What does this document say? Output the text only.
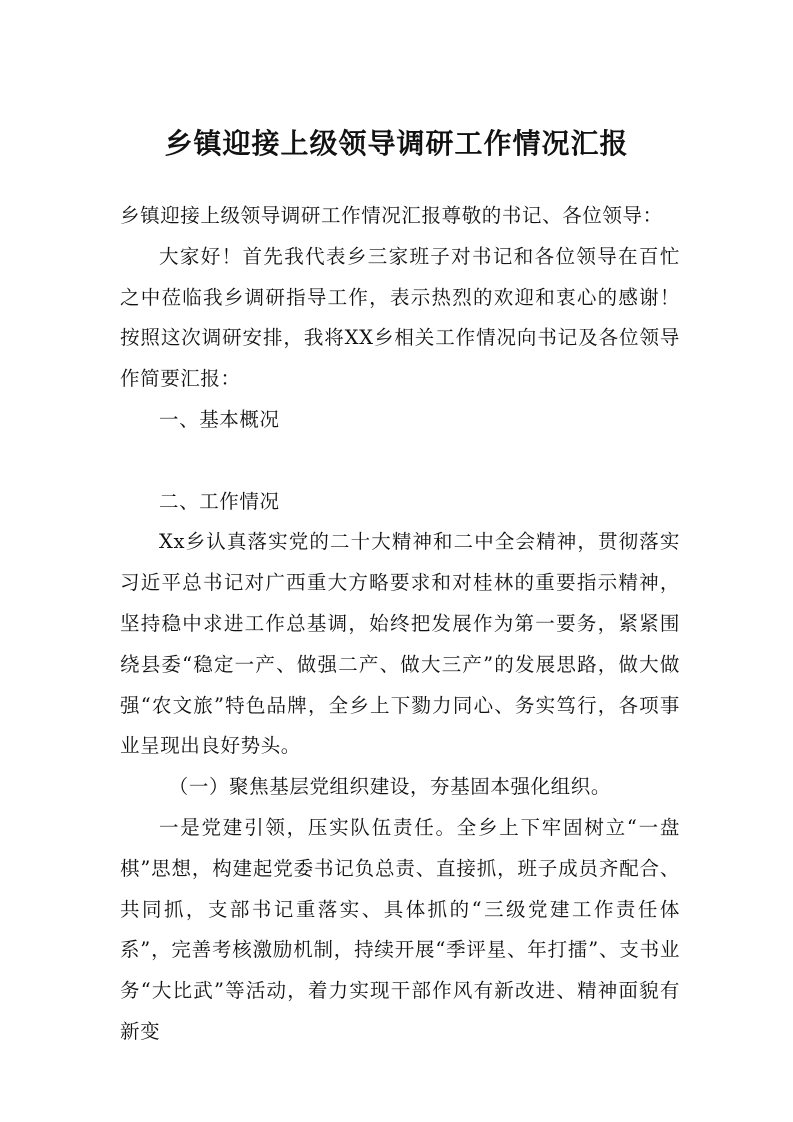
乡镇迎接上级领导调研工作情况汇报

乡镇迎接上级领导调研工作情况汇报尊敬的书记、各位领导：

大家好！首先我代表乡三家班子对书记和各位领导在百忙之中莅临我乡调研指导工作，表示热烈的欢迎和衷心的感谢！按照这次调研安排，我将XX乡相关工作情况向书记及各位领导作简要汇报：

一、基本概况

二、工作情况

Xx乡认真落实党的二十大精神和二中全会精神，贯彻落实习近平总书记对广西重大方略要求和对桂林的重要指示精神，坚持稳中求进工作总基调，始终把发展作为第一要务，紧紧围绕县委“稳定一产、做强二产、做大三产”的发展思路，做大做强“农文旅”特色品牌，全乡上下勠力同心、务实笃行，各项事业呈现出良好势头。

（一）聚焦基层党组织建设，夯基固本强化组织。

一是党建引领，压实队伍责任。全乡上下牢固树立“一盘棋”思想，构建起党委书记负总责、直接抓，班子成员齐配合、共同抓，支部书记重落实、具体抓的“三级党建工作责任体系”，完善考核激励机制，持续开展“季评星、年打擂”、支书业务“大比武”等活动，着力实现干部作风有新改进、精神面貌有新变
